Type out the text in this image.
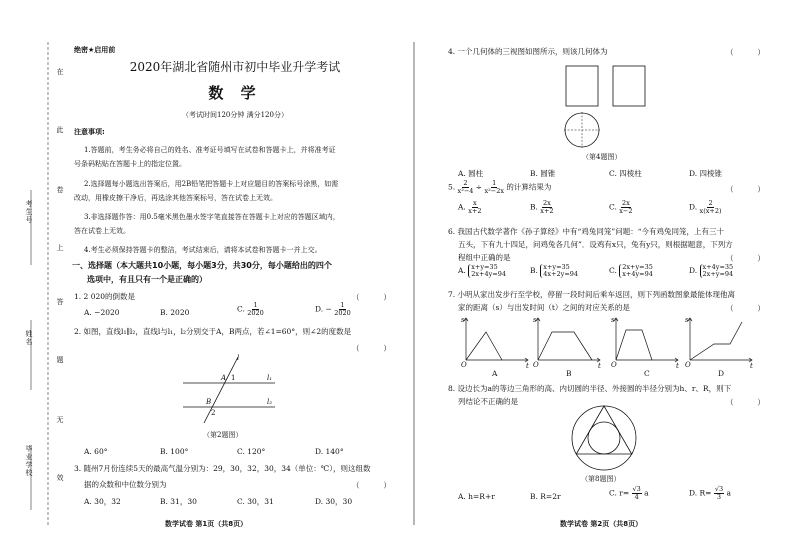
在
此
卷
上
答
题
无
效
考生号
姓名
毕业学校
绝密★启用前
2020年湖北省随州市初中毕业升学考试
数 学
（考试时间120分钟 满分120分）
注意事项:
1.答题前，考生务必将自己的姓名、准考证号填写在试卷和答题卡上，并将准考证
号条码粘贴在答题卡上的指定位置。
2.选择题每小题选出答案后，用2B铅笔把答题卡上对应题目的答案标号涂黑，如需
改动，用橡皮擦干净后，再选涂其他答案标号，答在试卷上无效。
3.非选择题作答：用0.5毫米黑色墨水签字笔直接答在答题卡上对应的答题区域内，
答在试卷上无效。
4.考生必须保持答题卡的整洁，考试结束后，请将本试卷和答题卡一并上交。
一、选择题（本大题共10小题，每小题3分，共30分，每小题给出的四个
选项中，有且只有一个是正确的）
1. 2 020的倒数是	（          ）
A. −2020	B. 2020	C. $\frac{1}{2020}$	D. − $\frac{1}{2020}$
2. 如图，直线l₁∥l₂，直线l与l₁，l₂分别交于A，B两点，若∠1=60°，则∠2的度数是
（          ）
l
A 1
B
2
l₁
l₂
（第2题图）
A. 60°	B. 100°	C. 120°	D. 140°
3. 随州7月份连续5天的最高气温分别为：29，30，32，30，34（单位：℃），则这组数
据的众数和中位数分别为	（          ）
A. 30，32	B. 31，30	C. 30，31	D. 30，30
数学试卷 第1页（共8页）
4. 一个几何体的三视图如图所示，则该几何体为	（          ）
（第4题图）
A. 圆柱	B. 圆锥	C. 四棱柱	D. 四棱锥
5. $\frac{2}{\text{x²−4}} \div \frac{1}{\text{x²−2x}}$ 的计算结果为	（          ）
A. $\frac{x}{x+2}$	B. $\frac{2x}{x+2}$	C. $\frac{2x}{x-2}$	D. $\frac{2}{x(x+2)}$
6. 我国古代数学著作《孙子算经》中有“鸡兔同笼”问题：“今有鸡兔同笼，上有三十
五头，下有九十四足，问鸡兔各几何”．设鸡有x只，兔有y只，则根据题意，下列方
程组中正确的是	（          ）
A. x+y=35
2x+4y=94	B. x+y=35
4x+2y=94	C. 2x+y=35
x+4y=94	D. x+4y=35
2x+y=94
7. 小明从家出发步行至学校，停留一段时间后乘车返回，则下列函数图象最能体现他离
家的距离（s）与出发时间（t）之间的对应关系的是	（          ）
s
t
O
s
t
O
s
t
O
s
t
O
A	B	C	D
8. 设边长为a的等边三角形的高、内切圆的半径、外接圆的半径分别为h、r、R，则下
列结论不正确的是	（          ）
（第8题图）
A. h=R+r	B. R=2r	C. $r= \frac{√3}{4}$ a	D. $R= \frac{√3}{3}$ a
数学试卷 第2页（共8页）
